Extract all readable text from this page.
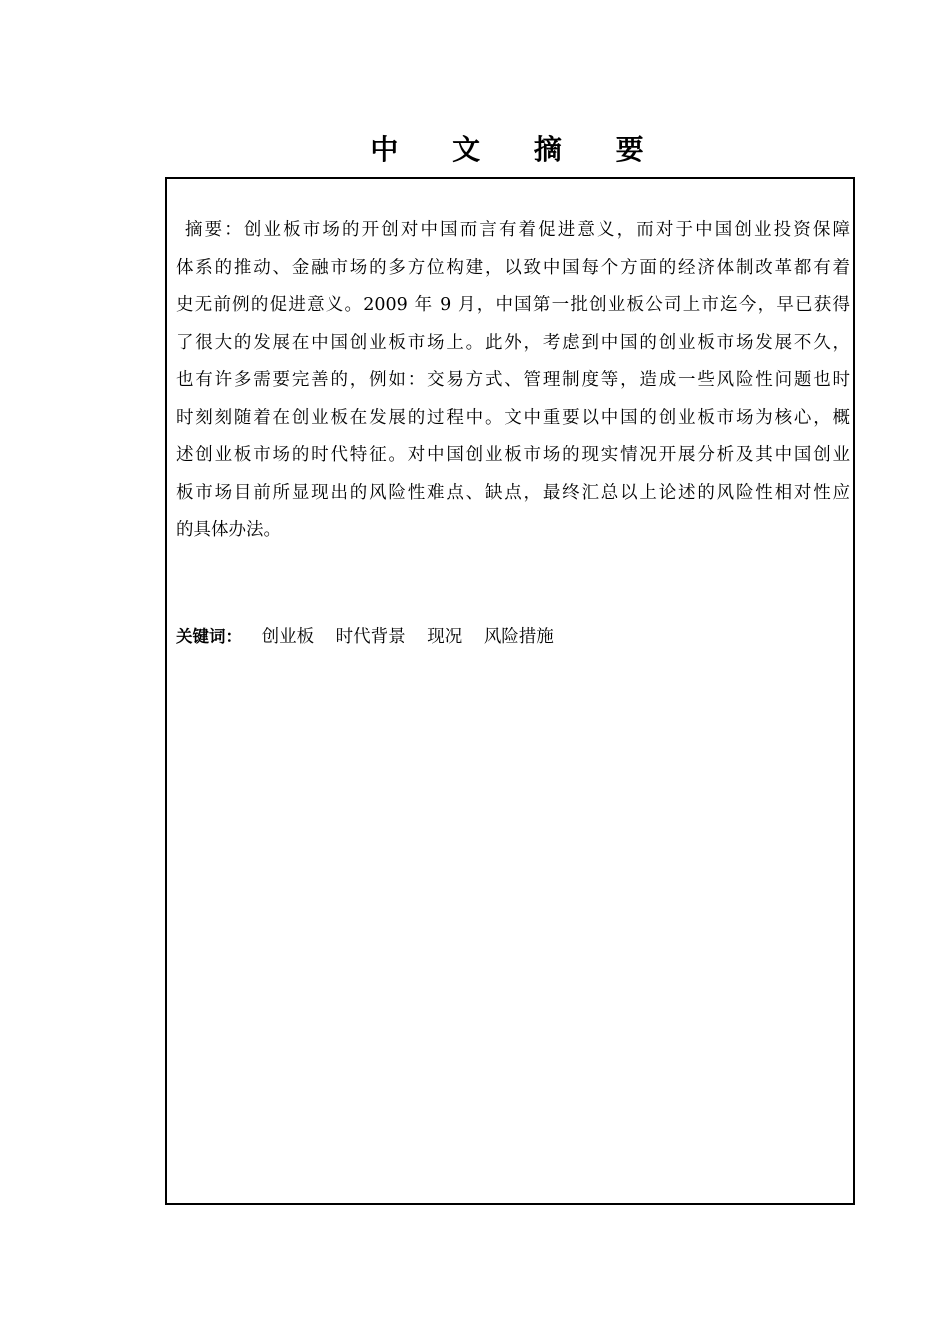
中 文 摘 要
摘要：创业板市场的开创对中国而言有着促进意义，而对于中国创业投资保障
体系的推动、金融市场的多方位构建，以致中国每个方面的经济体制改革都有着
史无前例的促进意义。2009 年 9 月，中国第一批创业板公司上市迄今，早已获得
了很大的发展在中国创业板市场上。此外，考虑到中国的创业板市场发展不久，
也有许多需要完善的，例如：交易方式、管理制度等，造成一些风险性问题也时
时刻刻随着在创业板在发展的过程中。文中重要以中国的创业板市场为核心，概
述创业板市场的时代特征。对中国创业板市场的现实情况开展分析及其中国创业
板市场目前所显现出的风险性难点、缺点，最终汇总以上论述的风险性相对性应
的具体办法。
关键词： 创业板 时代背景 现况 风险措施
